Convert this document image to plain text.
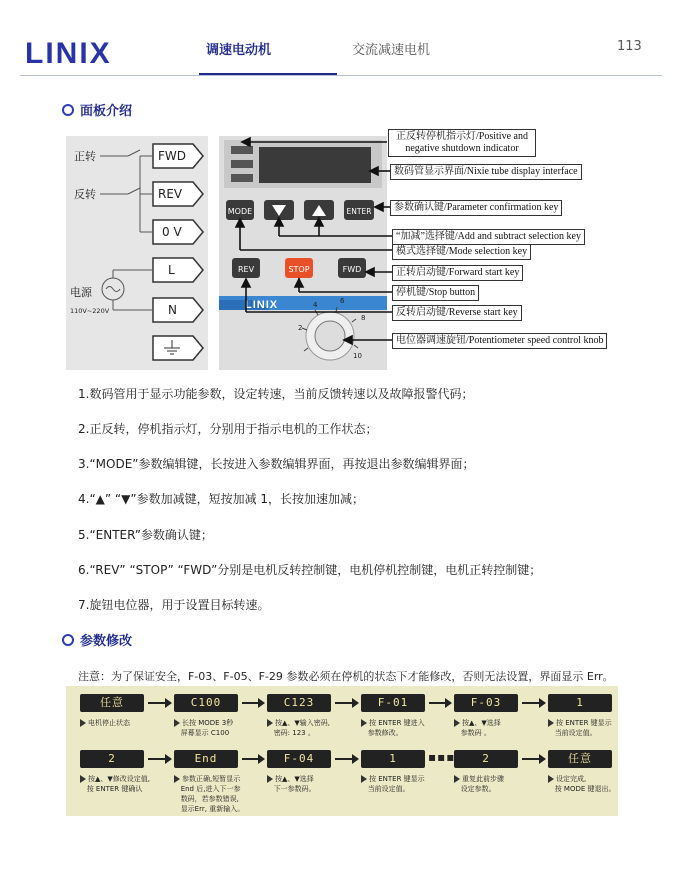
LINIX	调速电动机	交流减速电机	113
面板介绍
正转
反转
电源
110V~220V
FWD
REV
0 V
L
N
MODE	ENTER
REV	STOP	FWD
LINIX
2
4	6
8
10
正反转停机指示灯/Positive and negative shutdown indicator
数码管显示界面/Nixie tube display interface
参数确认键/Parameter confirmation key
“加减”选择键/Add and subtract selection key
模式选择键/Mode selection key
正转启动键/Forward start key
停机键/Stop button
反转启动键/Reverse start key
电位器调速旋钮/Potentiometer speed control knob
1.数码管用于显示功能参数，设定转速，当前反馈转速以及故障报警代码；
2.正反转，停机指示灯，分别用于指示电机的工作状态；
3.“MODE”参数编辑键，长按进入参数编辑界面，再按退出参数编辑界面；
4.“▲” “▼”参数加减键，短按加减 1，长按加速加减；
5.“ENTER”参数确认键；
6.“REV” “STOP” “FWD”分别是电机反转控制键，电机停机控制键，电机正转控制键；
7.旋钮电位器，用于设置目标转速。
参数修改
注意：为了保证安全，F-03、F-05、F-29 参数必须在停机的状态下才能修改，否则无法设置，界面显示 Err。
任意	C100	C123	F-01	F-03	1
电机停止状态	长按 MODE 3秒
屏幕显示 C100
按▲、▼输入密码,
密码: 123 。
按 ENTER 键进入
参数修改。
按▲、▼选择
参数码 。
按 ENTER 键显示
当前设定值。
2	End	F-04	1	2	任意
▪▪▪▪
按▲、▼修改设定值,
按 ENTER 键确认
参数正确,短暂显示
End 后,进入下一参
数码，若参数错误,
显示Err, 重新输入。
按▲、▼选择
下一参数码。
按 ENTER 键显示
当前设定值。
重复此前步骤
设定参数。
设定完成,
按 MODE 键退出。
